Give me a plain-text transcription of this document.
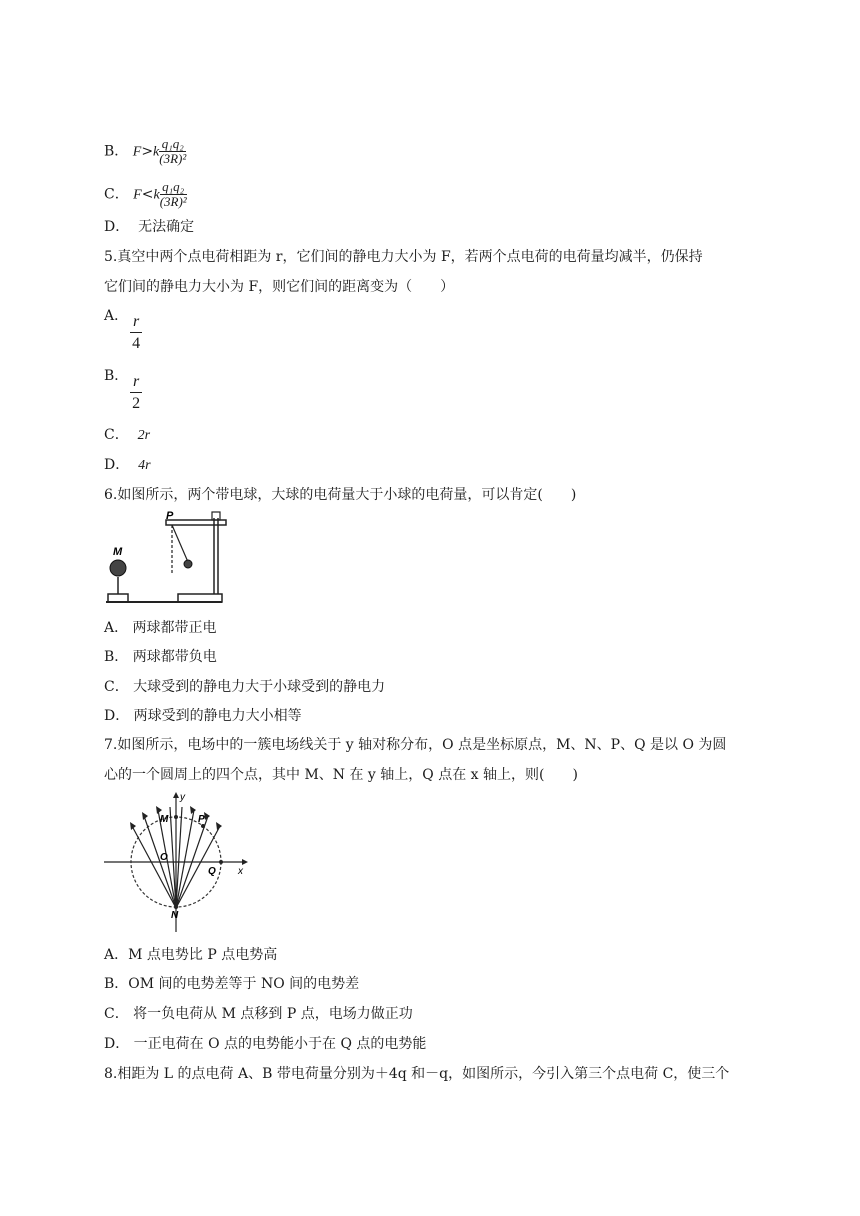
B． $F>k \frac{\text{q₁q₂}}{\text{(3R)²}}$
C． $F<k \frac{\text{q₁q₂}}{\text{(3R)²}}$
D． 无法确定
5.真空中两个点电荷相距为 r，它们间的静电力大小为 F，若两个点电荷的电荷量均减半，仍保持
它们间的静电力大小为 F，则它们间的距离变为（　　）
A． $\frac{r}{4}$
B． $\frac{r}{2}$
C． 2r
D． 4r
6.如图所示，两个带电球，大球的电荷量大于小球的电荷量，可以肯定(　　)
M
P
A． 两球都带正电
B． 两球都带负电
C． 大球受到的静电力大于小球受到的静电力
D． 两球受到的静电力大小相等
7.如图所示，电场中的一簇电场线关于 y 轴对称分布，O 点是坐标原点，M、N、P、Q 是以 O 为圆
心的一个圆周上的四个点，其中 M、N 在 y 轴上，Q 点在 x 轴上，则(　　)
y
x
M	P
O
Q
N
A．M 点电势比 P 点电势高
B．OM 间的电势差等于 NO 间的电势差
C． 将一负电荷从 M 点移到 P 点，电场力做正功
D． 一正电荷在 O 点的电势能小于在 Q 点的电势能
8.相距为 L 的点电荷 A、B 带电荷量分别为＋4q 和－q，如图所示，今引入第三个点电荷 C，使三个
